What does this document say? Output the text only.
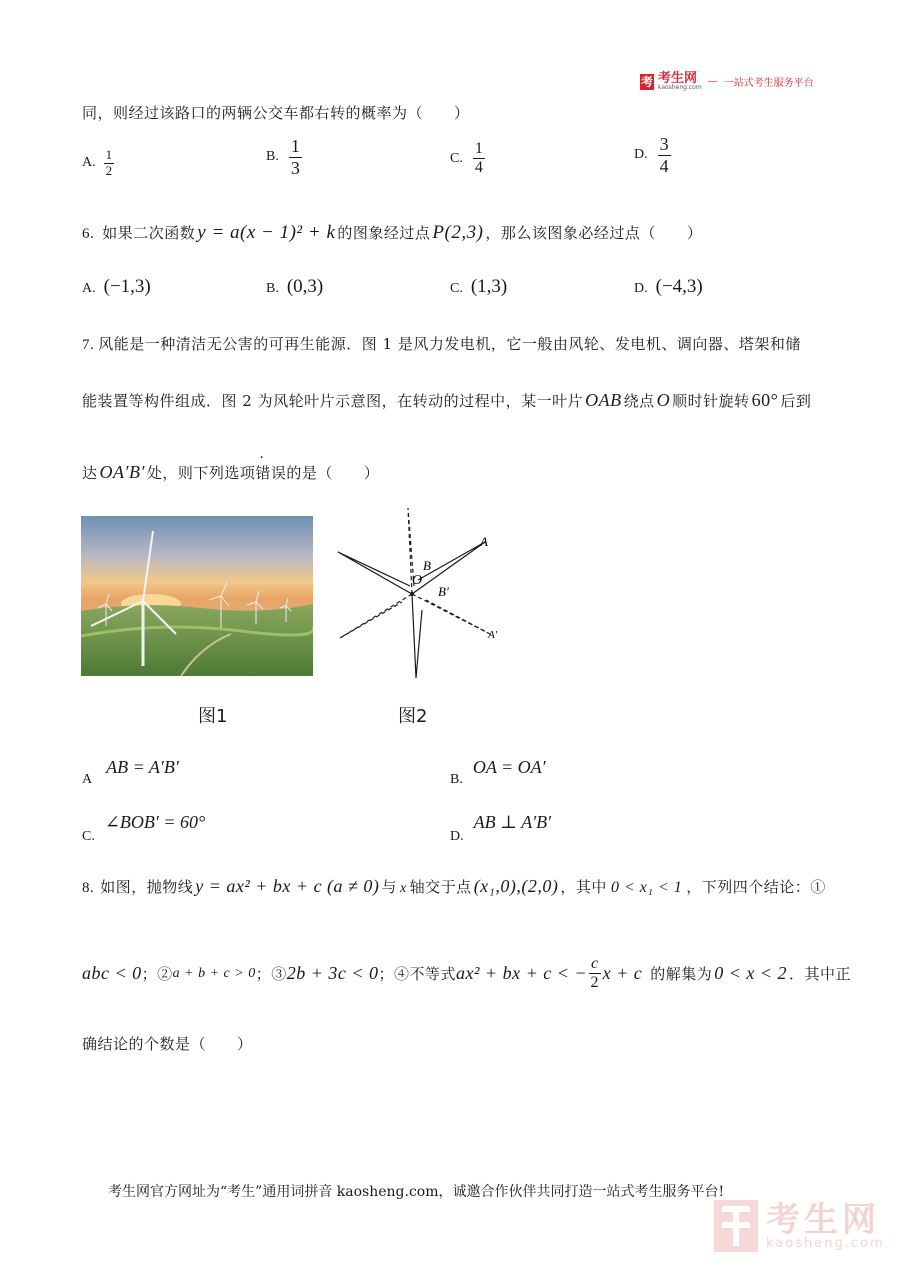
考 考生网
kaosheng.com
— 一站式考生服务平台
同，则经过该路口的两辆公交车都右转的概率为（　　）
A. $\frac{1}{2}$	B. $\frac{1}{3}$	C. $\frac{1}{4}$	D. $\frac{3}{4}$
6. 如果二次函数 y = a(x − 1)² + k 的图象经过点 P(2,3) ，那么该图象必经过点（　　）
A. (−1,3)	B. (0,3)	C. (1,3)	D. (−4,3)
7. 风能是一种清洁无公害的可再生能源．图 1 是风力发电机，它一般由风轮、发电机、调向器、塔架和储
能装置等构件组成．图 2 为风轮叶片示意图，在转动的过程中，某一叶片 OAB 绕点 O 顺时针旋转 60° 后到
达 OA′B′ 处，则下列选项
· 错误 的是（　　）
A
B
O
B′
A′
图1	图2
A
AB = A′B′
B.
OA = OA′
C.
∠BOB′ = 60°
D.
AB ⊥ A′B′
8. 如图，抛物线 y = ax² + bx + c (a ≠ 0) 与 x 轴交于点 (x₁,0),(2,0) ，其中 0 < x₁ < 1 ，下列四个结论：①
abc < 0 ；② a + b + c > 0 ；③ 2b + 3c < 0 ；④不等式 ax² + bx + c < − $\frac{c}{2}$ x + c 的解集为 0 < x < 2 ．其中正
确结论的个数是（　　）
考生网官方网址为“考生”通用词拼音 kaosheng.com，诚邀合作伙伴共同打造一站式考生服务平台!
考生网
kaosheng.com
